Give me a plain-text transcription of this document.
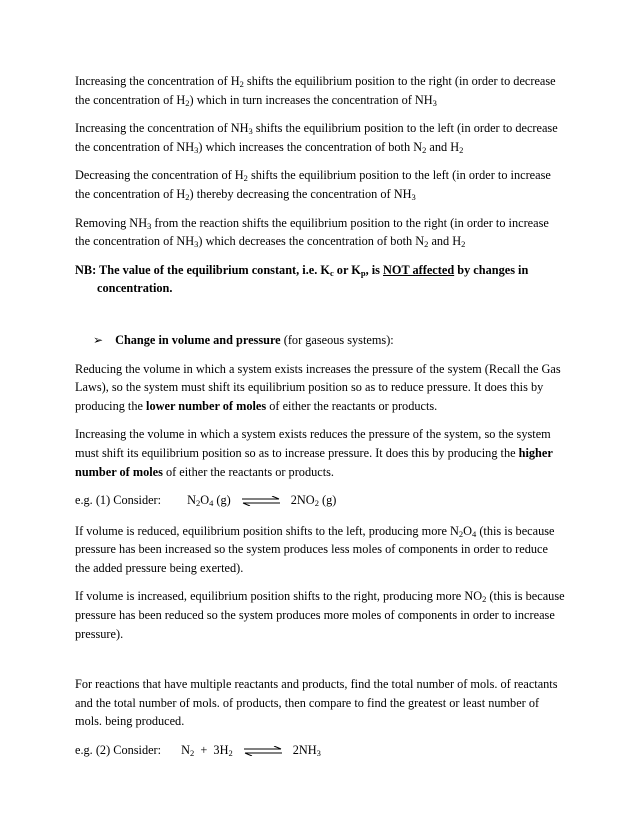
Increasing the concentration of $H_2$ shifts the equilibrium position to the right (in order to decrease the concentration of $H_2$) which in turn increases the concentration of $NH_3$

Increasing the concentration of $NH_3$ shifts the equilibrium position to the left (in order to decrease the concentration of $NH_3$) which increases the concentration of both $N_2$ and $H_2$

Decreasing the concentration of $H_2$ shifts the equilibrium position to the left (in order to increase the concentration of $H_2$) thereby decreasing the concentration of $NH_3$

Removing $NH_3$ from the reaction shifts the equilibrium position to the right (in order to increase the concentration of $NH_3$) which decreases the concentration of both $N_2$ and $H_2$

NB: The value of the equilibrium constant, i.e. $K_c$ or $K_p$, is NOT affected by changes in concentration.

➢ Change in volume and pressure (for gaseous systems):

Reducing the volume in which a system exists increases the pressure of the system (Recall the Gas Laws), so the system must shift its equilibrium position so as to reduce pressure. It does this by producing the lower number of moles of either the reactants or products.

Increasing the volume in which a system exists reduces the pressure of the system, so the system must shift its equilibrium position so as to increase pressure. It does this by producing the higher number of moles of either the reactants or products.

e.g. (1) Consider: $N_2O_4$ (g) ⇌ $2NO_2$ (g)

If volume is reduced, equilibrium position shifts to the left, producing more $N_2O_4$ (this is because pressure has been increased so the system produces less moles of components in order to reduce the added pressure being exerted).

If volume is increased, equilibrium position shifts to the right, producing more $NO_2$ (this is because pressure has been reduced so the system produces more moles of components in order to increase pressure).

For reactions that have multiple reactants and products, find the total number of mols. of reactants and the total number of mols. of products, then compare to find the greatest or least number of mols. being produced.

e.g. (2) Consider: $N_2 + 3H_2$ ⇌ $2NH_3$
